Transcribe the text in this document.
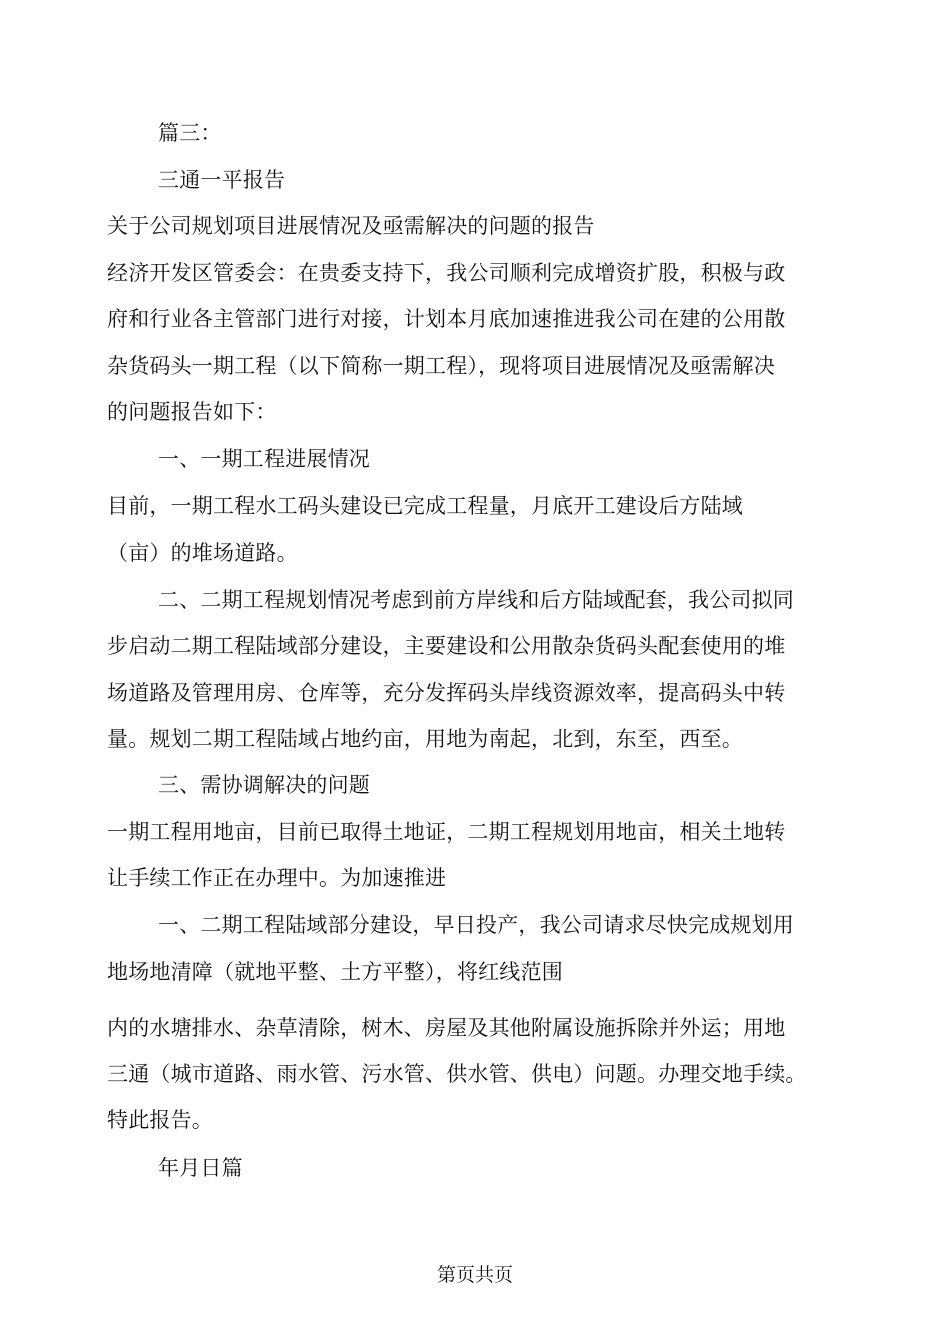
篇三：
三通一平报告
关于公司规划项目进展情况及亟需解决的问题的报告
经济开发区管委会：在贵委支持下，我公司顺利完成增资扩股，积极与政
府和行业各主管部门进行对接，计划本月底加速推进我公司在建的公用散
杂货码头一期工程（以下简称一期工程），现将项目进展情况及亟需解决
的问题报告如下：
一、一期工程进展情况
目前，一期工程水工码头建设已完成工程量，月底开工建设后方陆域
（亩）的堆场道路。
二、二期工程规划情况考虑到前方岸线和后方陆域配套，我公司拟同
步启动二期工程陆域部分建设，主要建设和公用散杂货码头配套使用的堆
场道路及管理用房、仓库等，充分发挥码头岸线资源效率，提高码头中转
量。规划二期工程陆域占地约亩，用地为南起，北到，东至，西至。
三、需协调解决的问题
一期工程用地亩，目前已取得土地证，二期工程规划用地亩，相关土地转
让手续工作正在办理中。为加速推进
一、二期工程陆域部分建设，早日投产，我公司请求尽快完成规划用
地场地清障（就地平整、土方平整），将红线范围
内的水塘排水、杂草清除，树木、房屋及其他附属设施拆除并外运；用地
三通（城市道路、雨水管、污水管、供水管、供电）问题。办理交地手续。
特此报告。
年月日篇
第页共页
